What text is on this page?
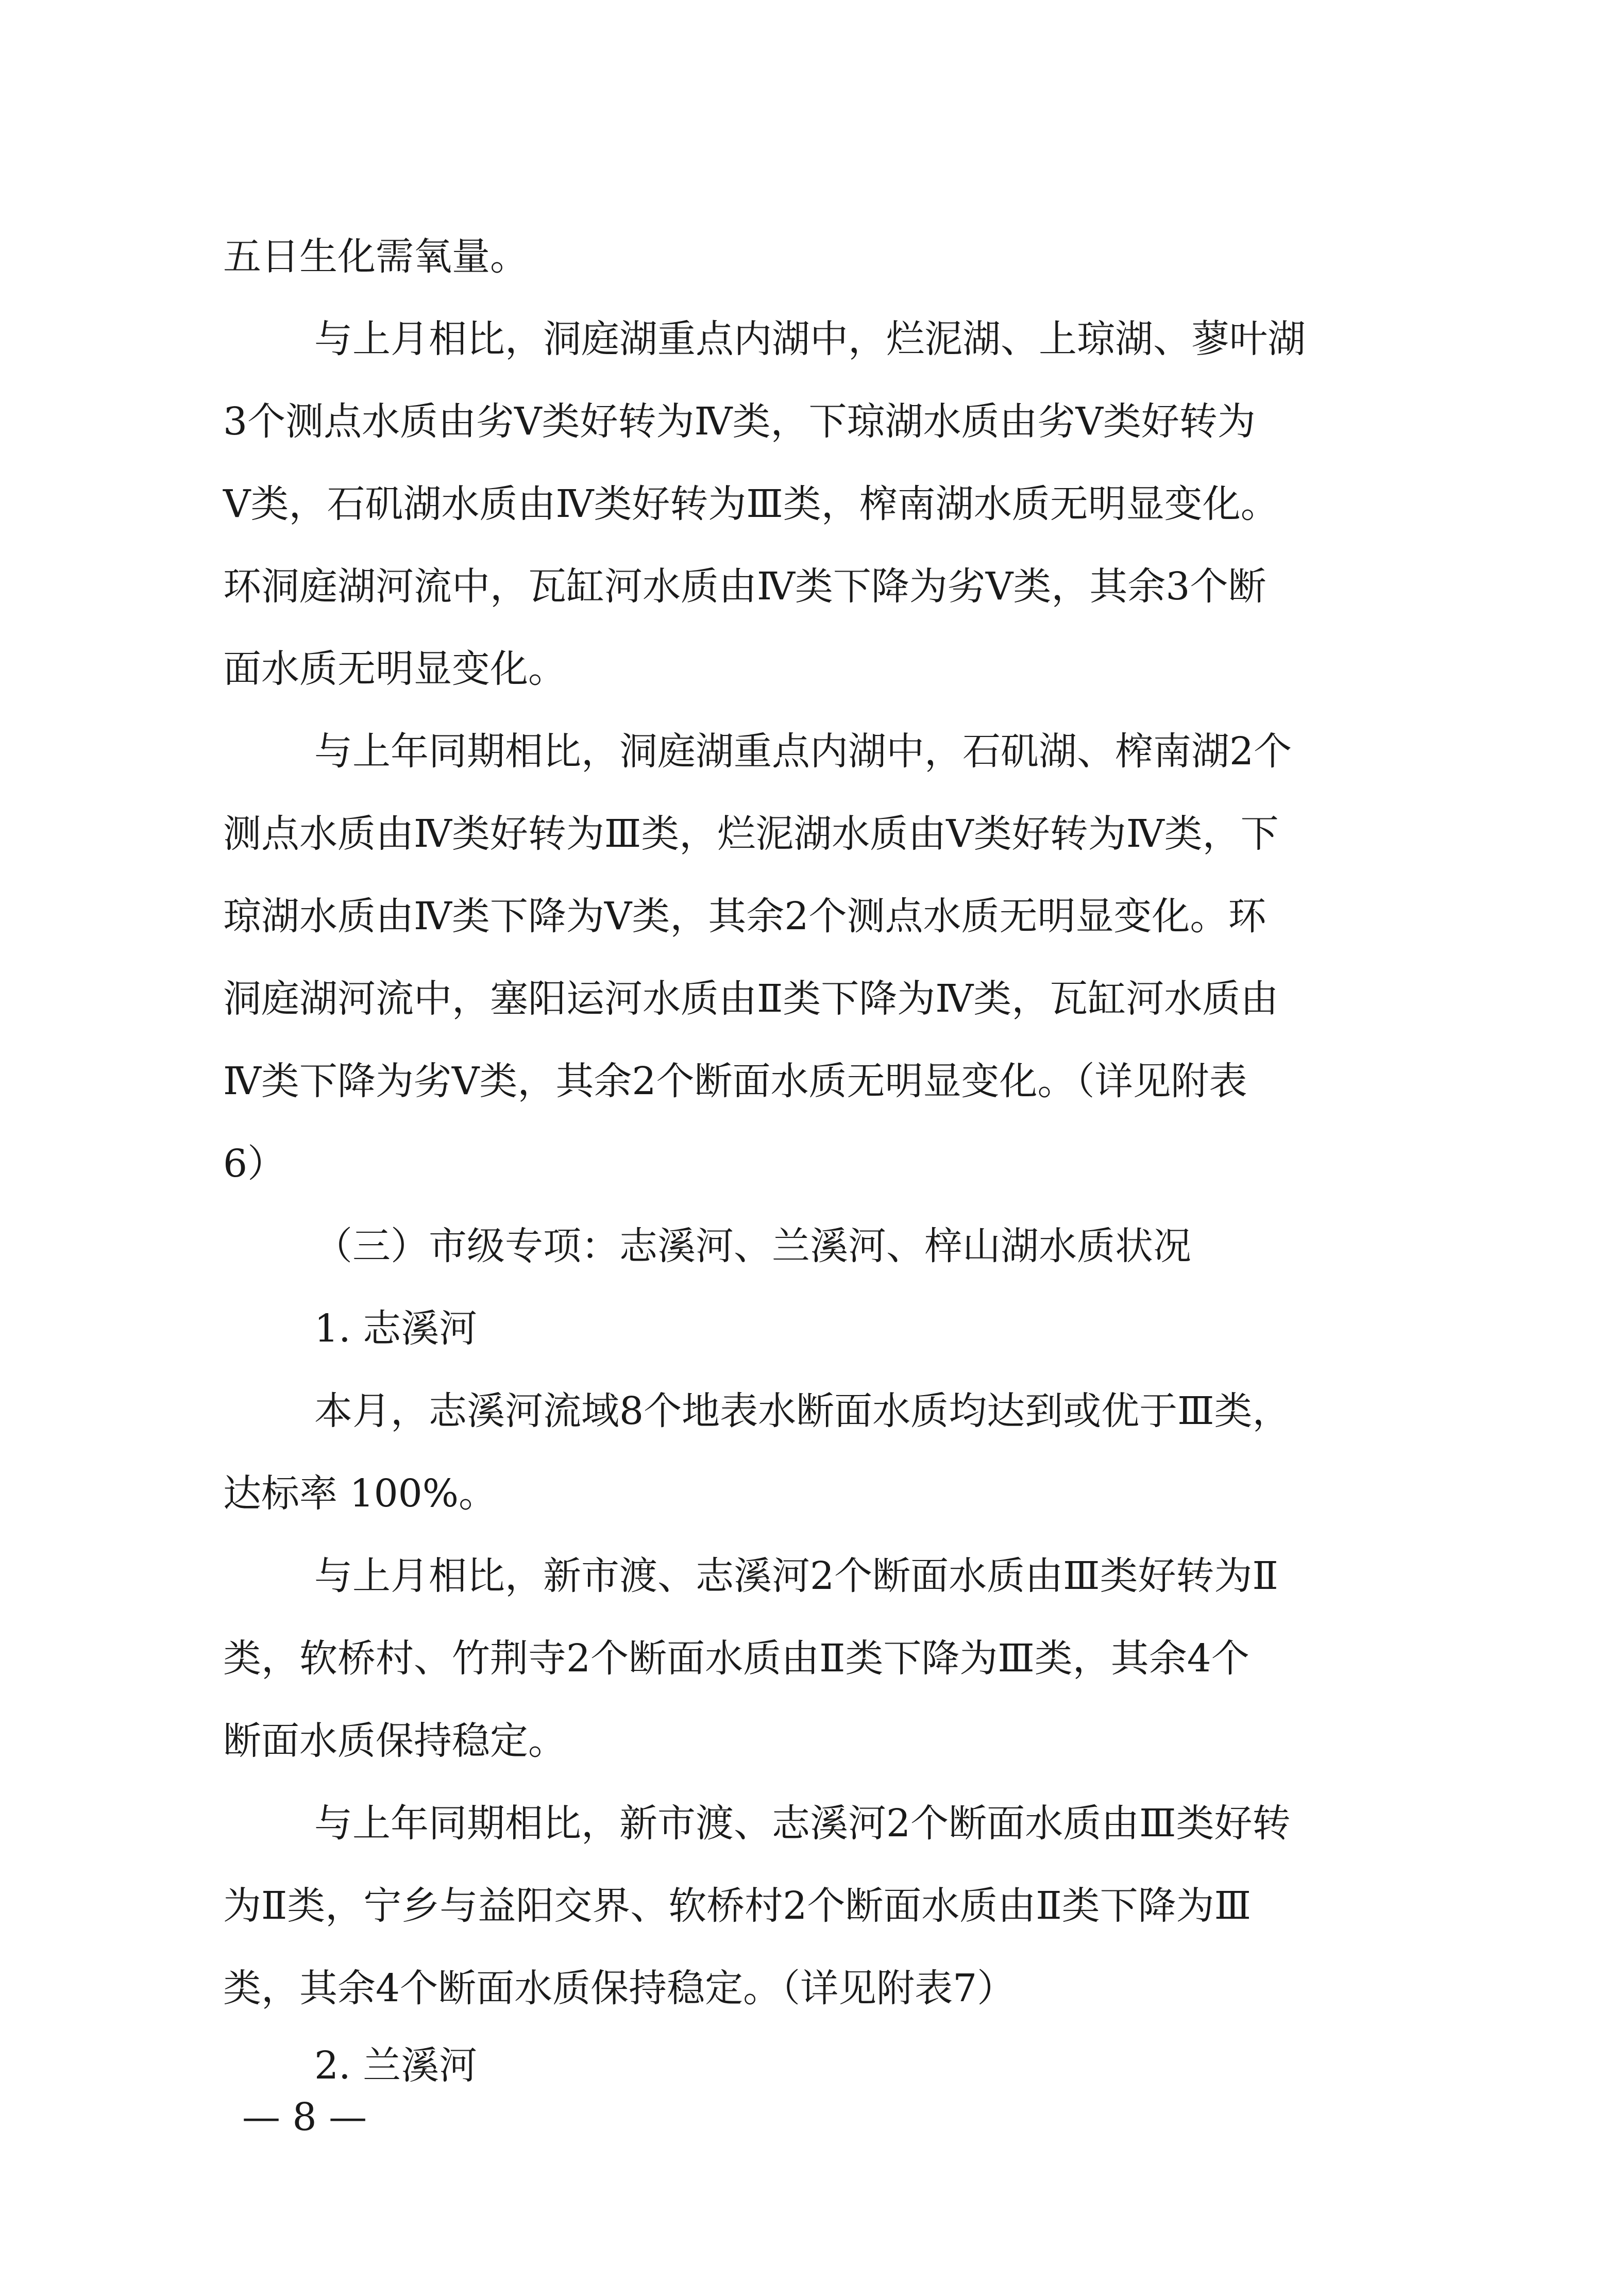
五日生化需氧量。
与上月相比，洞庭湖重点内湖中，烂泥湖、上琼湖、蓼叶湖
3个测点水质由劣Ⅴ类好转为Ⅳ类，下琼湖水质由劣Ⅴ类好转为
Ⅴ类，石矶湖水质由Ⅳ类好转为Ⅲ类，榨南湖水质无明显变化。
环洞庭湖河流中，瓦缸河水质由Ⅳ类下降为劣Ⅴ类，其余3个断
面水质无明显变化。
与上年同期相比，洞庭湖重点内湖中，石矶湖、榨南湖2个
测点水质由Ⅳ类好转为Ⅲ类，烂泥湖水质由Ⅴ类好转为Ⅳ类，下
琼湖水质由Ⅳ类下降为Ⅴ类，其余2个测点水质无明显变化。环
洞庭湖河流中，塞阳运河水质由Ⅱ类下降为Ⅳ类，瓦缸河水质由
Ⅳ类下降为劣Ⅴ类，其余2个断面水质无明显变化。（详见附表
6）
（三）市级专项：志溪河、兰溪河、梓山湖水质状况
1. 志溪河
本月，志溪河流域8个地表水断面水质均达到或优于Ⅲ类，
达标率 100%。
与上月相比，新市渡、志溪河2个断面水质由Ⅲ类好转为Ⅱ
类，软桥村、竹荆寺2个断面水质由Ⅱ类下降为Ⅲ类，其余4个
断面水质保持稳定。
与上年同期相比，新市渡、志溪河2个断面水质由Ⅲ类好转
为Ⅱ类，宁乡与益阳交界、软桥村2个断面水质由Ⅱ类下降为Ⅲ
类，其余4个断面水质保持稳定。（详见附表7）
2. 兰溪河
— 8 —
